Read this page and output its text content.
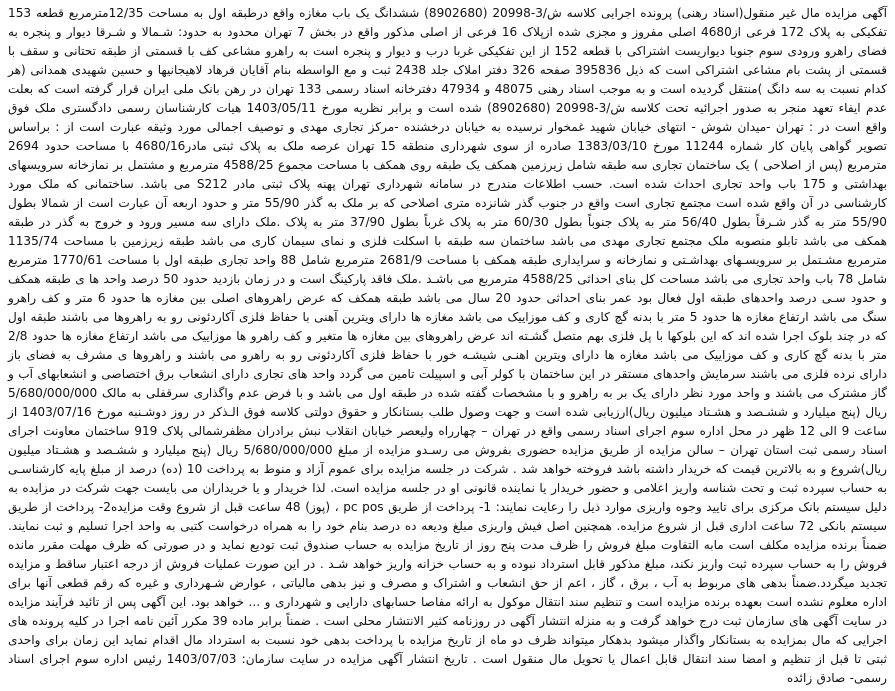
آگهی مزایده مال غیر منقول(اسناد رهنی) پرونده اجرایی کلاسه ش/3-20998 (8902680) ششدانگ یک باب مغازه واقع درطبقه اول به مساحت 12/35مترمربع قطعه 153 تفکیکی به پلاک 172 فرعی از4680 اصلی مفروز و مجزی شده ازپلاک 16 فرعی از اصلی مذکور واقع در بخش 7 تهران محدود به حدود: شـمالا و شـرقا دیوار و پنجره به فضای راهرو ورودی سوم جنوبا دیواریست اشتراکی با قطعه 152 از این تفکیکی غربا درب و دیوار و پنجره است به راهرو مشاعی کف با قسمتی از طبقه تحتانی و سقف با قسمتی از پشت بام مشاعی اشتراکی است که ذیل 395836 صفحه 326 دفتر املاک جلد 2438 ثبت و مع الواسطه بنام آقایان فرهاد لاهیجانیها و حسین شهیدی همدانی (هر کدام نسبت به سه دانگ )منتقل گردیده است و به موجب اسناد رهنی 48075 و 47934 دفترخانه اسناد رسمی 133 تهران در رهن بانک ملی ایران قرار گرفته است که بعلت عدم ایفاء تعهد منجر به صدور اجرائیه تحت کلاسه ش/3-20998 (8902680) شده است و برابر نظریه مورخ 1403/05/11 هیات کارشناسان رسمی دادگستری ملک فوق واقع است در : تهران -میدان شوش - انتهای خیابان شهید غمخوار نرسیده به خیابان درخشنده -مرکز تجاری مهدی و توصیف اجمالی مورد وثیقه عبارت است از : براساس تصویر گواهی پایان کار شماره 11244 مورخ 1383/03/10 صادره از سوی شهرداری منطقه 15 تهران عرصه ملک به پلاک ثبتی مادر4680/16 با مساحت حدود 2694 مترمربع (پس از اصلاحی ) یک ساختمان تجاری سه طبقه شامل زیرزمین همکف یک طبقه روی همکف با مساحت مجموع 4588/25 مترمربع و مشتمل بر نمازخانه سرویسهای بهداشتی و 175 باب واحد تجاری احداث شده است. حسب اطلاعات مندرج در سامانه شهرداری تهران پهنه پلاک ثبتی مادر S212 می باشد. ساختمانی که ملک مورد کارشناسی در آن واقع شده است مجتمع تجاری است واقع در جنوب گذر شانزده متری اصلاحی که بر ملک به گذر 55/90 متر و حدود اربعه آن عبارت است از شمالا بطول 55/90 متر به گذر شـرقاً بطول 56/40 متر به پلاک جنوباً بطول 60/30 متر به پلاک غرباً بطول 37/90 متر به پلاک .ملک دارای سه مسیر ورود و خروج به گذر در طبقه همکف می باشد تابلو منصوبه ملک مجتمع تجاری مهدی می باشد ساختمان سه طبقه با اسکلت فلزی و نمای سیمان کاری می باشد طبقه زیرزمین با مساحت 1135/74 مترمربع مشـتمل بر سرویسـهای بهداشـتی و نمازخانه و سرایداری طبقه همکف با مساحت 2681/9 مترمربع شامل 88 واحد تجاری طبقه اول با مساحت 1770/61 مترمربع شامل 78 باب واحد تجاری می باشد مساحت کل بنای احداثی 4588/25 مترمربع می باشـد .ملک فاقد پارکینگ است و در زمان بازدید حدود 50 درصد واحد ها ی طبقه همکف و حدود سـی درصد واحدهای طبقه اول فعال بود عمر بنای احداثی حدود 20 سال می باشد طبقه همکف که عرض راهروهای اصلی بین مغازه ها حدود 6 متر و کف راهرو سنگ می باشد ارتفاع مغازه ها حدود 5 متر با بدنه گچ کاری و کف موزاییک می باشد مغازه ها دارای ویترین آهنی با حفاظ فلزی آکاردئونی رو به راهروها می باشند طبقه اول که در چند بلوک اجرا شده اند که این بلوکها با پل فلزی بهم متصل گشـته اند عرض راهروهای بین مغازه ها متغیر و کف راهرو ها موزاییک می باشد ارتفاع مغازه ها حدود 2/8 متر با بدنه گچ کاری و کف موزاییک می باشد مغازه ها دارای ویترین اهنـی شیشـه خور با حفاظ فلزی آکاردئونی رو به راهرو می باشند و راهروها ی مشرف به فضای باز دارای نرده فلزی می باشند سرمایش واحدهای مستقر در این ساختمان با کولر آبی و اسپیلت تامین می گردد واحد های تجاری دارای انشعاب برق اختصاصی و انشعابهای آب و گاز مشترک می باشند و واحد مورد نظر دارای یک بر به راهرو و با مشخصات گفته شده در طبقه اول می باشد و با فرض عدم واگذاری سرقفلی به مالک 5/680/000/000 ریال (پنج میلیارد و ششـصد و هشـتاد میلیون ریال)ارزیابی شده است و جهت وصول طلب بستانکار و حقوق دولتی کلاسه فوق الـذکر در روز دوشـنبه مورخ 1403/07/16 از ساعت 9 الی 12 ظهر در محل اداره سوم اجرای اسناد رسمی واقع در تهران – چهارراه ولیعصر خیابان انقلاب نبش برادران مظفرشمالی پلاک 919 ساختمان معاونت اجرای اسناد رسمی ثبت استان تهران – سالن مزایده از طریق مزایده حضوری بفروش می رسـدو مزایده از مبلغ 5/680/000/000 ریال (پنج میلیارد و ششـصد و هشـتاد میلیون ریال)شروع و به بالاترین قیمت که خریدار داشته باشد فروخته خواهد شد . شرکت در جلسه مزایده برای عموم آزاد و منوط به پرداخت 10 (ده) درصد از مبلغ پایه کارشناسـی به حساب سپرده ثبت و تحت شناسه واریز اعلامی و حضور خریدار یا نماینده قانونی او در جلسه مزایده است. لذا خریدار و یا خریداران می بایست جهت شرکت در مزایده به دلیل سیستم بانک مرکزی برای تایید وجوه واریزی موارد ذیل را رعایت نمایند: 1- پرداخت از طریق pc pos ، (پوز) 48 ساعت قبل از شروع وقت مزایده2- پرداخت از طریق سیستم بانکی 72 ساعت اداری قبل از شروع مزایده. همچنین اصل فیش واریزی مبلغ ودیعه ده درصد بنام خود را به همراه درخواست کتبی به واحد اجرا تسلیم و ثبت نمایند. ضمناً برنده مزایده مکلف است مابه التفاوت مبلغ فروش را ظرف مدت پنج روز از تاریخ مزایده به حساب صندوق ثبت تودیع نماید و در صورتی که ظرف مهلت مقرر مانده فروش را به حساب سپرده ثبت واریز نکند، مبلغ مذکور قابل استرداد نبوده و به حساب خزانه واریز خواهد شـد . در این صورت عملیات فروش از درجه اعتبار ساقط و مزایده تجدید میگردد.ضمناً بدهی های مربوط به آب ، برق ، گاز ، اعم از حق انشعاب و اشتراک و مصرف و نیز بدهی مالیاتی ، عوارض شـهرداری و غیره که رقم قطعی آنها برای اداره معلوم نشده است بعهده برنده مزایده است و تنظیم سند انتقال موکول به ارائه مفاصا حسابهای دارایی و شهرداری و ... خواهد بود. این آگهی پس از تائید فرآیند مزایده در سایت آگهی های سازمان ثبت درج خواهد گرفت و به منزله انتشار آگهی در روزنامه کثیر الانتشار محلی است . ضمناً برابر ماده 39 مکرر آئین نامه اجرا در کلیه پرونده های اجرایی که مال بمزایده به بستانکار واگذار میشود بدهکار میتواند ظرف دو ماه از تاریخ مزایده با پرداخت بدهی خود نسبت به استرداد مال اقدام نماید این زمان برای واحدی ثبتی تا قبل از تنظیم و امضا سند انتقال قابل اعمال یا تحویل مال منقول است . تاریخ انتشار آگهی مزایده در سایت سازمان: 1403/07/03 رئیس اداره سوم اجرای اسناد رسمی- صادق زائده
